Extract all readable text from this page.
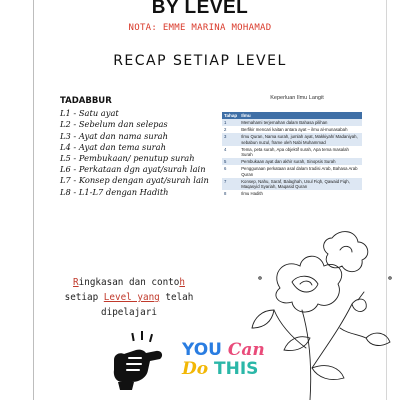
BY LEVEL
NOTA: EMME MARINA MOHAMAD
RECAP SETIAP LEVEL
TADABBUR
L1 - Satu ayat
L2 - Sebelum dan selepas
L3 - Ayat dan nama surah
L4 - Ayat dan tema surah
L5 - Pembukaan/ penutup surah
L6 - Perkataan dgn ayat/surah lain
L7 - Konsep dengan ayat/surah lain
L8 - L1-L7 dengan Hadith
Keperluan Ilmu Langit
Tahap	Ilmu
1	Memahami terjemahan dalam Bahasa pilihan
2	Berfikir mencari kaitan antara ayat – ilmu al-munasabah
3	Ilmu Quran, Nama surah, jumlah ayat, Makkiyah/ Madaniyah, sebabun nuzul, frame oleh Nabi Muhammad
4	Tema, peta surah, Apa objektif surah, Apa tema masalah Surah
5	Pembukaan ayat dan akhir surah, Sinopsis Surah
6	Penggunaan perkataan asal dalam tradisi Arab, Bahasa Arab Quran
7	Konsep, Nahu, Saraf, Balaghah, Usul Fiqh, Qawaid Fiqh, Maqasyid Syariah, Maqasid Quran
8	Ilmu Hadith
Ringkasan dan contoh
setiap Level yang telah
dipelajari
YOU Can
Do THIS
